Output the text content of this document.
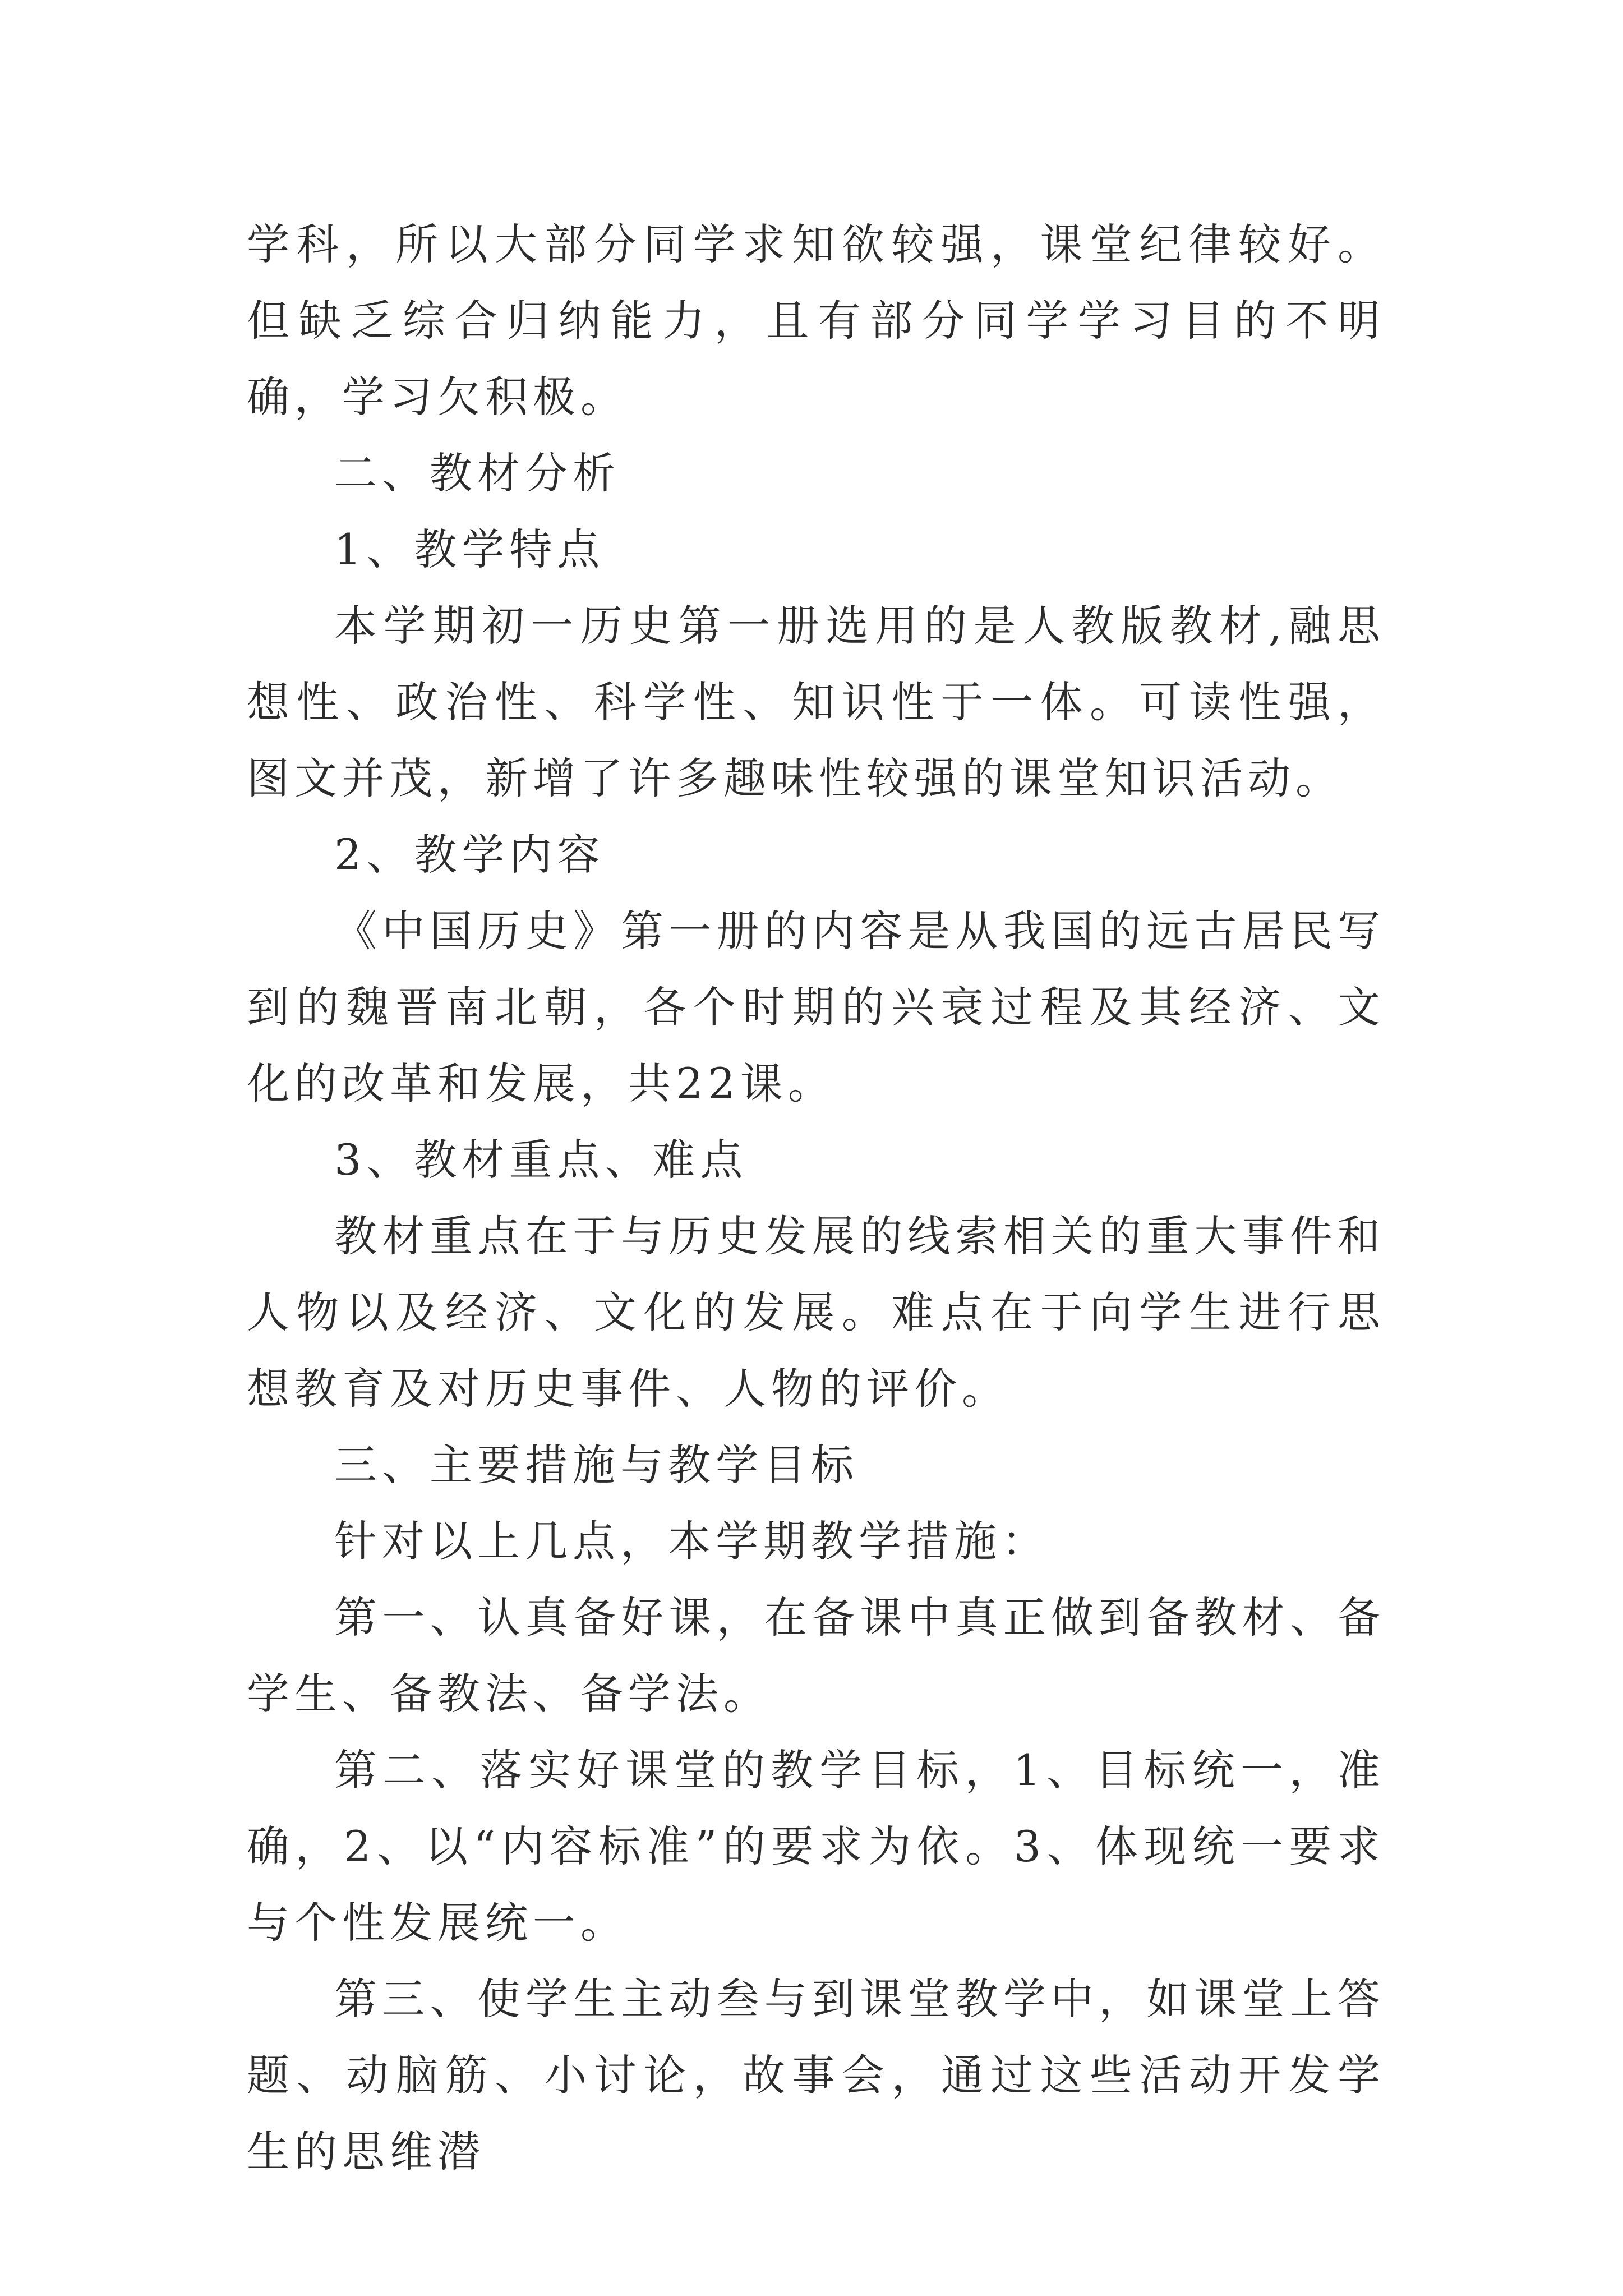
学科，所以大部分同学求知欲较强，课堂纪律较好。但缺乏综合归纳能力，且有部分同学学习目的不明确，学习欠积极。

二、教材分析

1、教学特点

本学期初一历史第一册选用的是人教版教材,融思想性、政治性、科学性、知识性于一体。可读性强，图文并茂，新增了许多趣味性较强的课堂知识活动。

2、教学内容

《中国历史》第一册的内容是从我国的远古居民写到的魏晋南北朝，各个时期的兴衰过程及其经济、文化的改革和发展，共22课。

3、教材重点、难点

教材重点在于与历史发展的线索相关的重大事件和人物以及经济、文化的发展。难点在于向学生进行思想教育及对历史事件、人物的评价。

三、主要措施与教学目标

针对以上几点，本学期教学措施：

第一、认真备好课，在备课中真正做到备教材、备学生、备教法、备学法。

第二、落实好课堂的教学目标，1、目标统一，准确，2、以“内容标准”的要求为依。3、体现统一要求与个性发展统一。

第三、使学生主动叁与到课堂教学中，如课堂上答题、动脑筋、小讨论，故事会，通过这些活动开发学生的思维潜
